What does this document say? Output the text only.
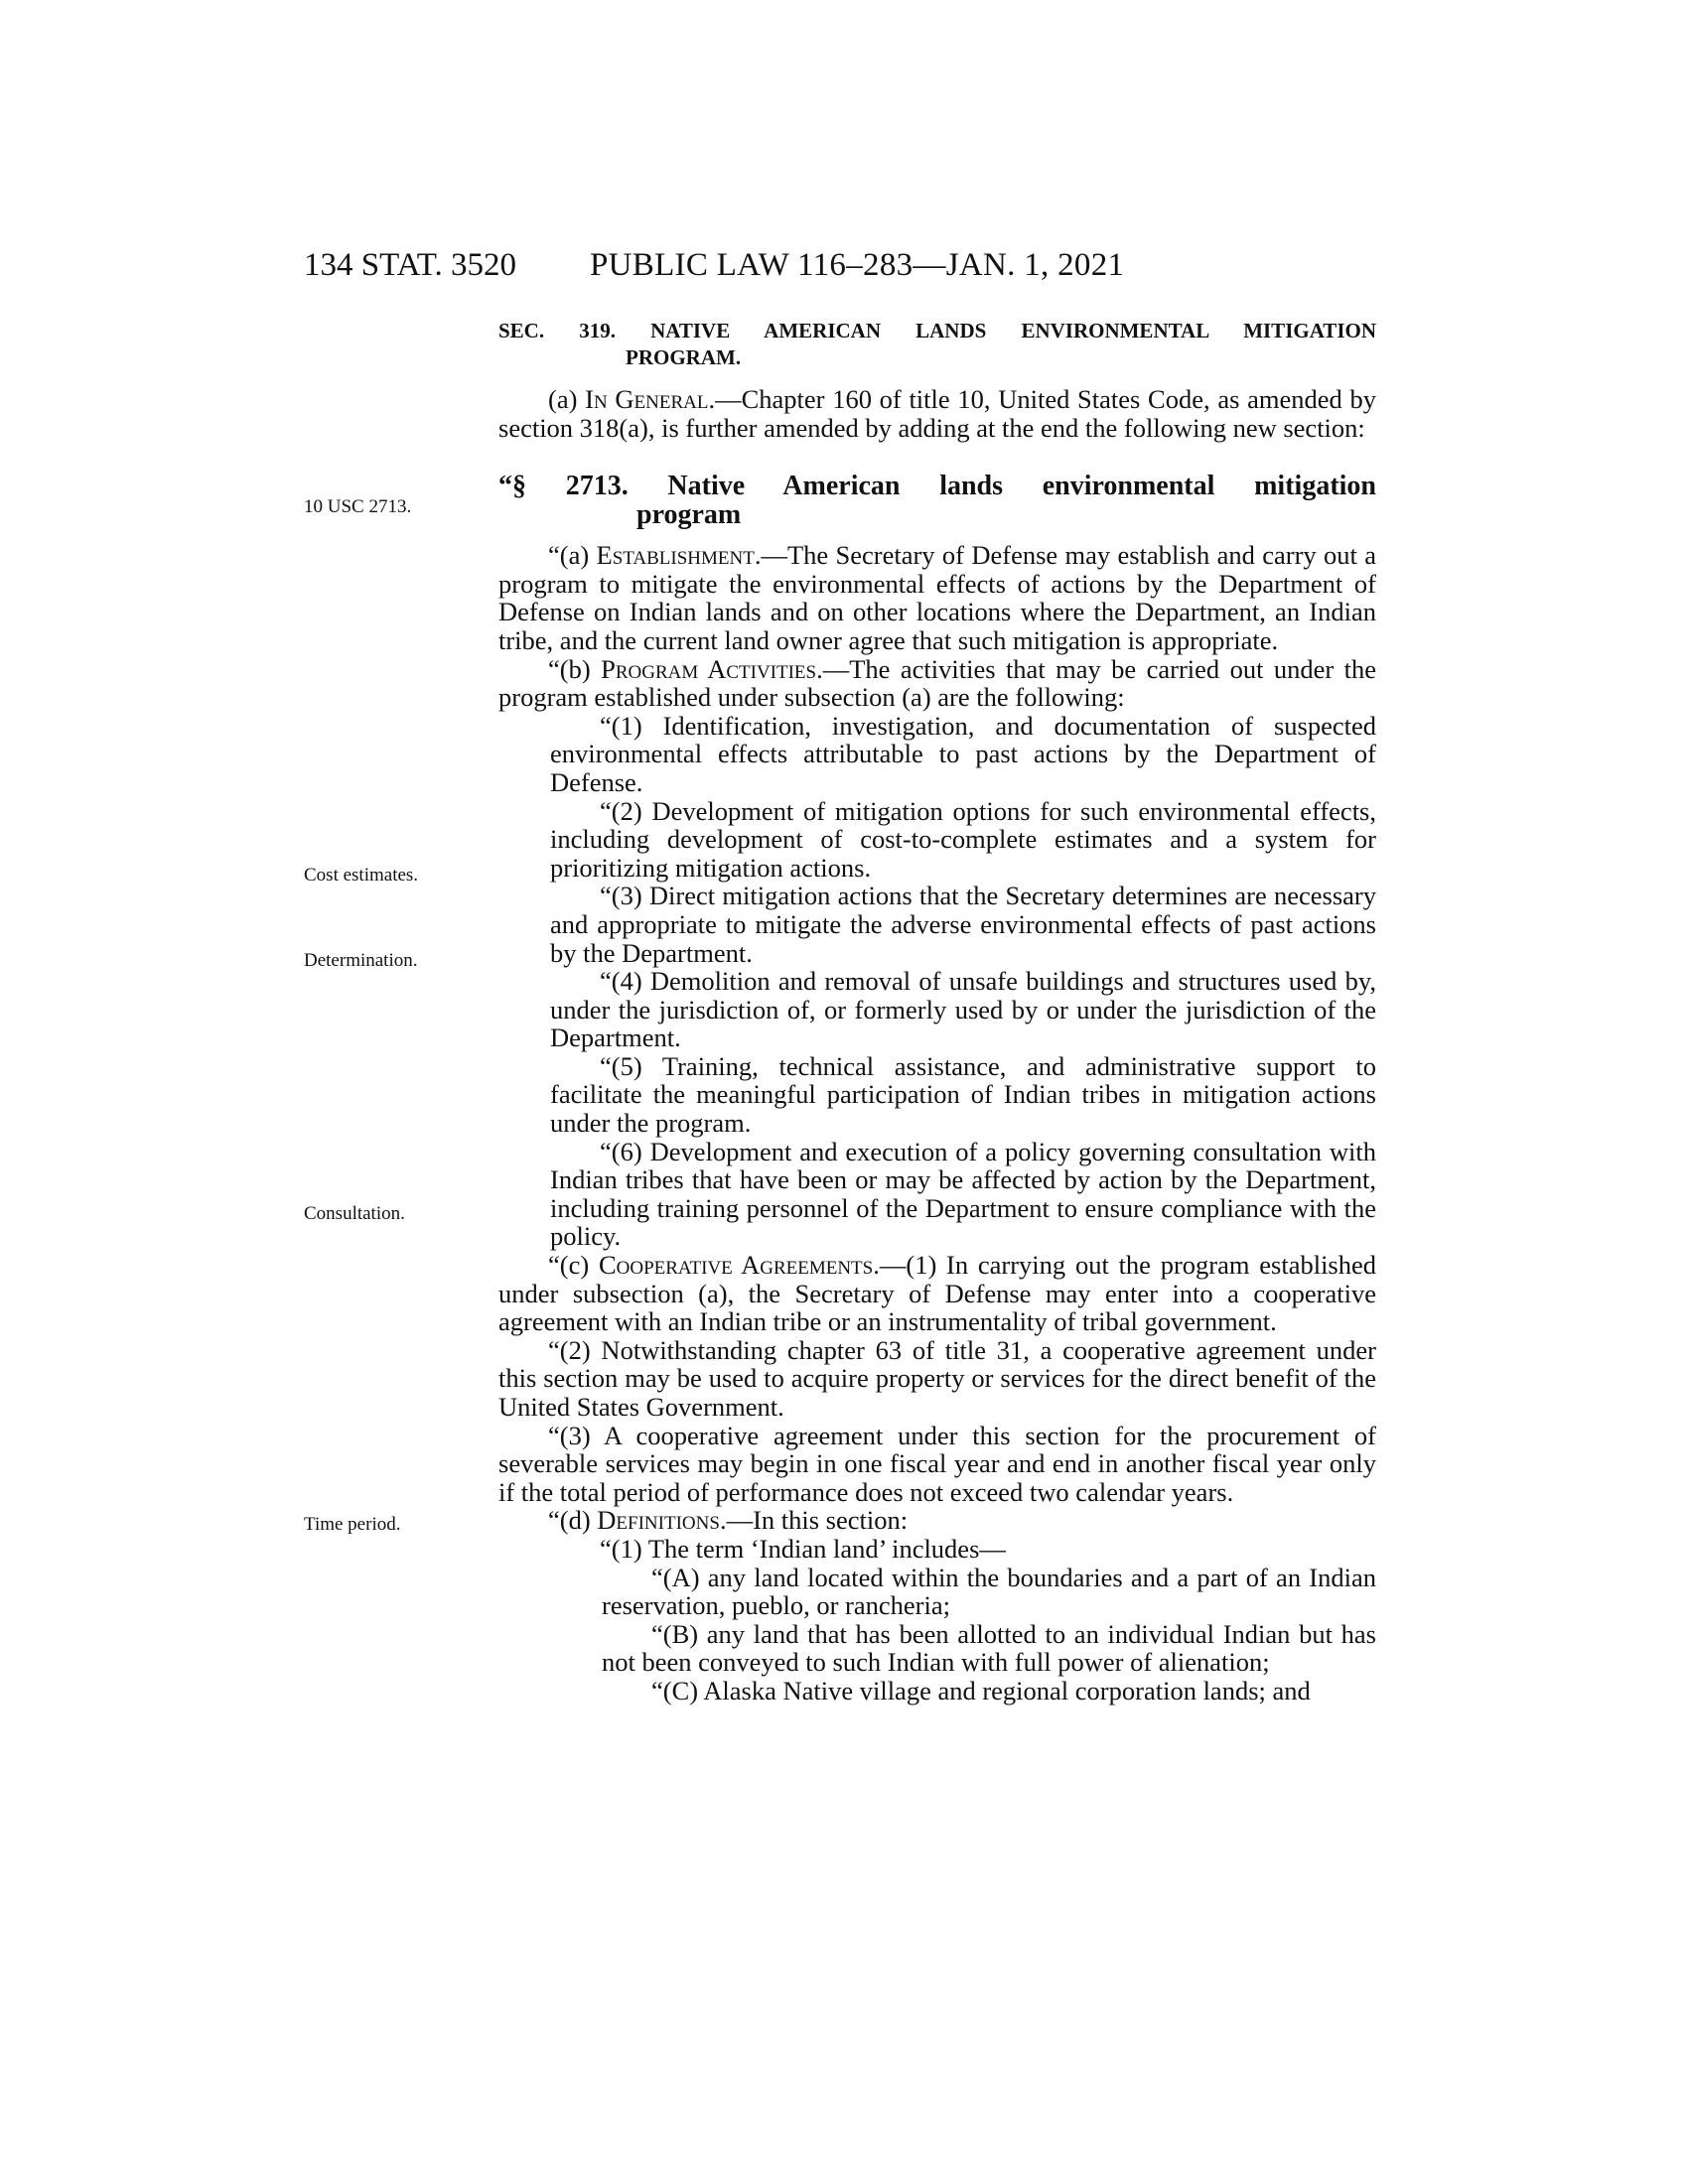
134 STAT. 3520 PUBLIC LAW 116–283—JAN. 1, 2021
10 USC 2713.
Cost estimates.
Determination.
Consultation.
Time period.
SEC. 319. NATIVE AMERICAN LANDS ENVIRONMENTAL MITIGATION
PROGRAM.

(a) In General.—Chapter 160 of title 10, United States Code, as amended by section 318(a), is further amended by adding at the end the following new section:

“§ 2713. Native American lands environmental mitigation
program

“(a) Establishment.—The Secretary of Defense may establish and carry out a program to mitigate the environmental effects of actions by the Department of Defense on Indian lands and on other locations where the Department, an Indian tribe, and the current land owner agree that such mitigation is appropriate.

“(b) Program Activities.—The activities that may be carried out under the program established under subsection (a) are the following:

“(1) Identification, investigation, and documentation of suspected environmental effects attributable to past actions by the Department of Defense.

“(2) Development of mitigation options for such environmental effects, including development of cost-to-complete estimates and a system for prioritizing mitigation actions.

“(3) Direct mitigation actions that the Secretary determines are necessary and appropriate to mitigate the adverse environmental effects of past actions by the Department.

“(4) Demolition and removal of unsafe buildings and structures used by, under the jurisdiction of, or formerly used by or under the jurisdiction of the Department.

“(5) Training, technical assistance, and administrative support to facilitate the meaningful participation of Indian tribes in mitigation actions under the program.

“(6) Development and execution of a policy governing consultation with Indian tribes that have been or may be affected by action by the Department, including training personnel of the Department to ensure compliance with the policy.

“(c) Cooperative Agreements.—(1) In carrying out the program established under subsection (a), the Secretary of Defense may enter into a cooperative agreement with an Indian tribe or an instrumentality of tribal government.

“(2) Notwithstanding chapter 63 of title 31, a cooperative agreement under this section may be used to acquire property or services for the direct benefit of the United States Government.

“(3) A cooperative agreement under this section for the procurement of severable services may begin in one fiscal year and end in another fiscal year only if the total period of performance does not exceed two calendar years.

“(d) Definitions.—In this section:

“(1) The term ‘Indian land’ includes—

“(A) any land located within the boundaries and a part of an Indian reservation, pueblo, or rancheria;

“(B) any land that has been allotted to an individual Indian but has not been conveyed to such Indian with full power of alienation;

“(C) Alaska Native village and regional corporation lands; and
